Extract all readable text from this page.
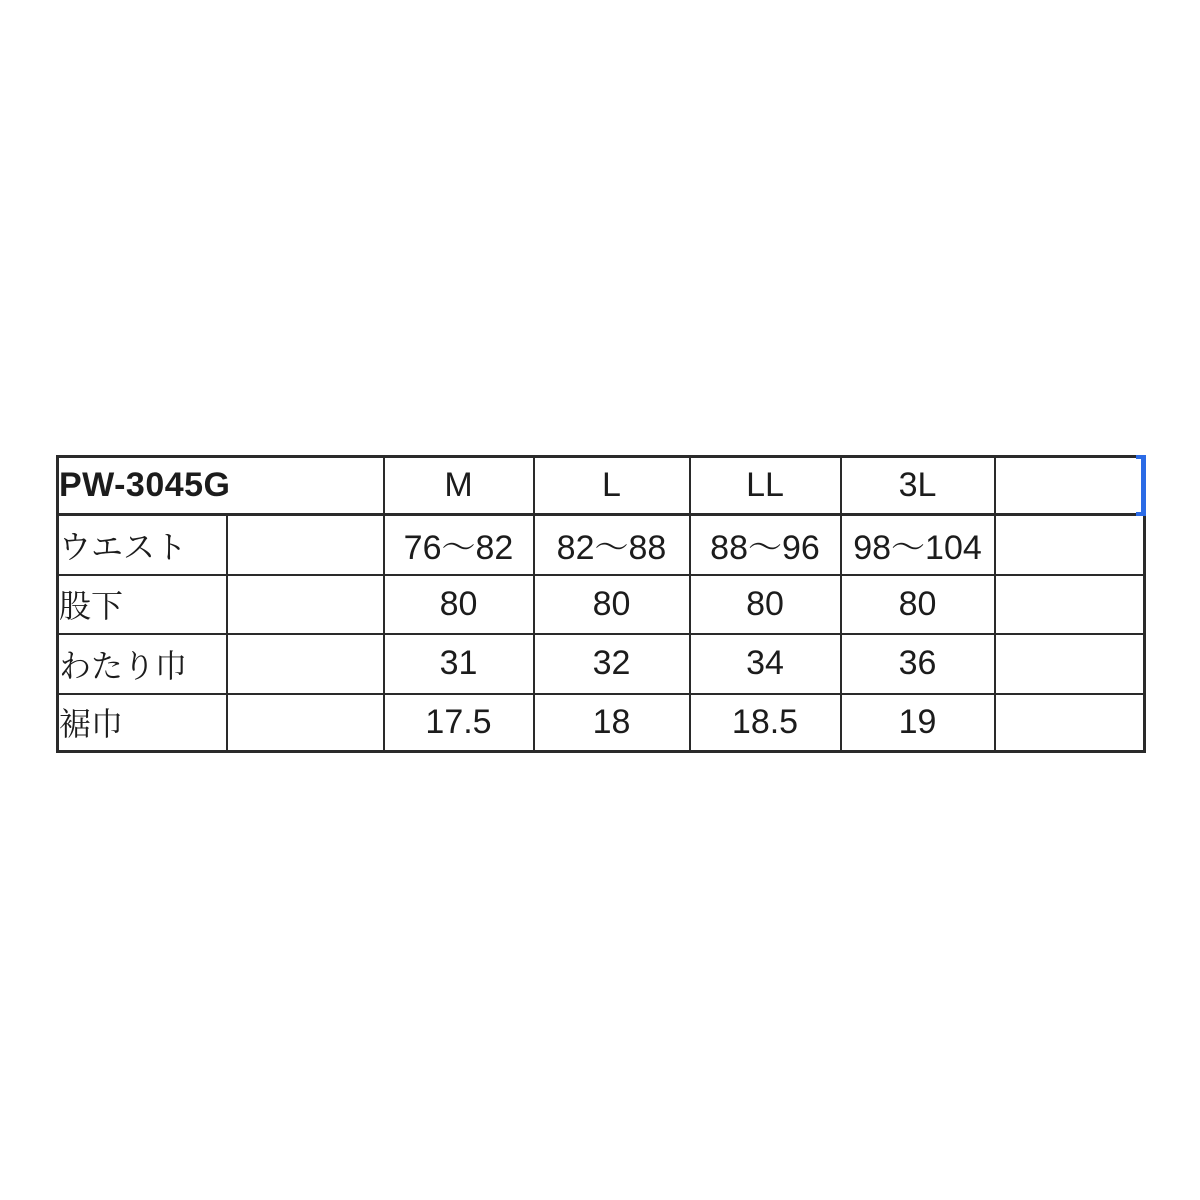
PW-3045G		M	L	LL	3L	

ウエスト		76〜82	82〜88	88〜96	98〜104	
股下		80	80	80	80	
わたり巾		31	32	34	36	
裾巾		17.5	18	18.5	19	
